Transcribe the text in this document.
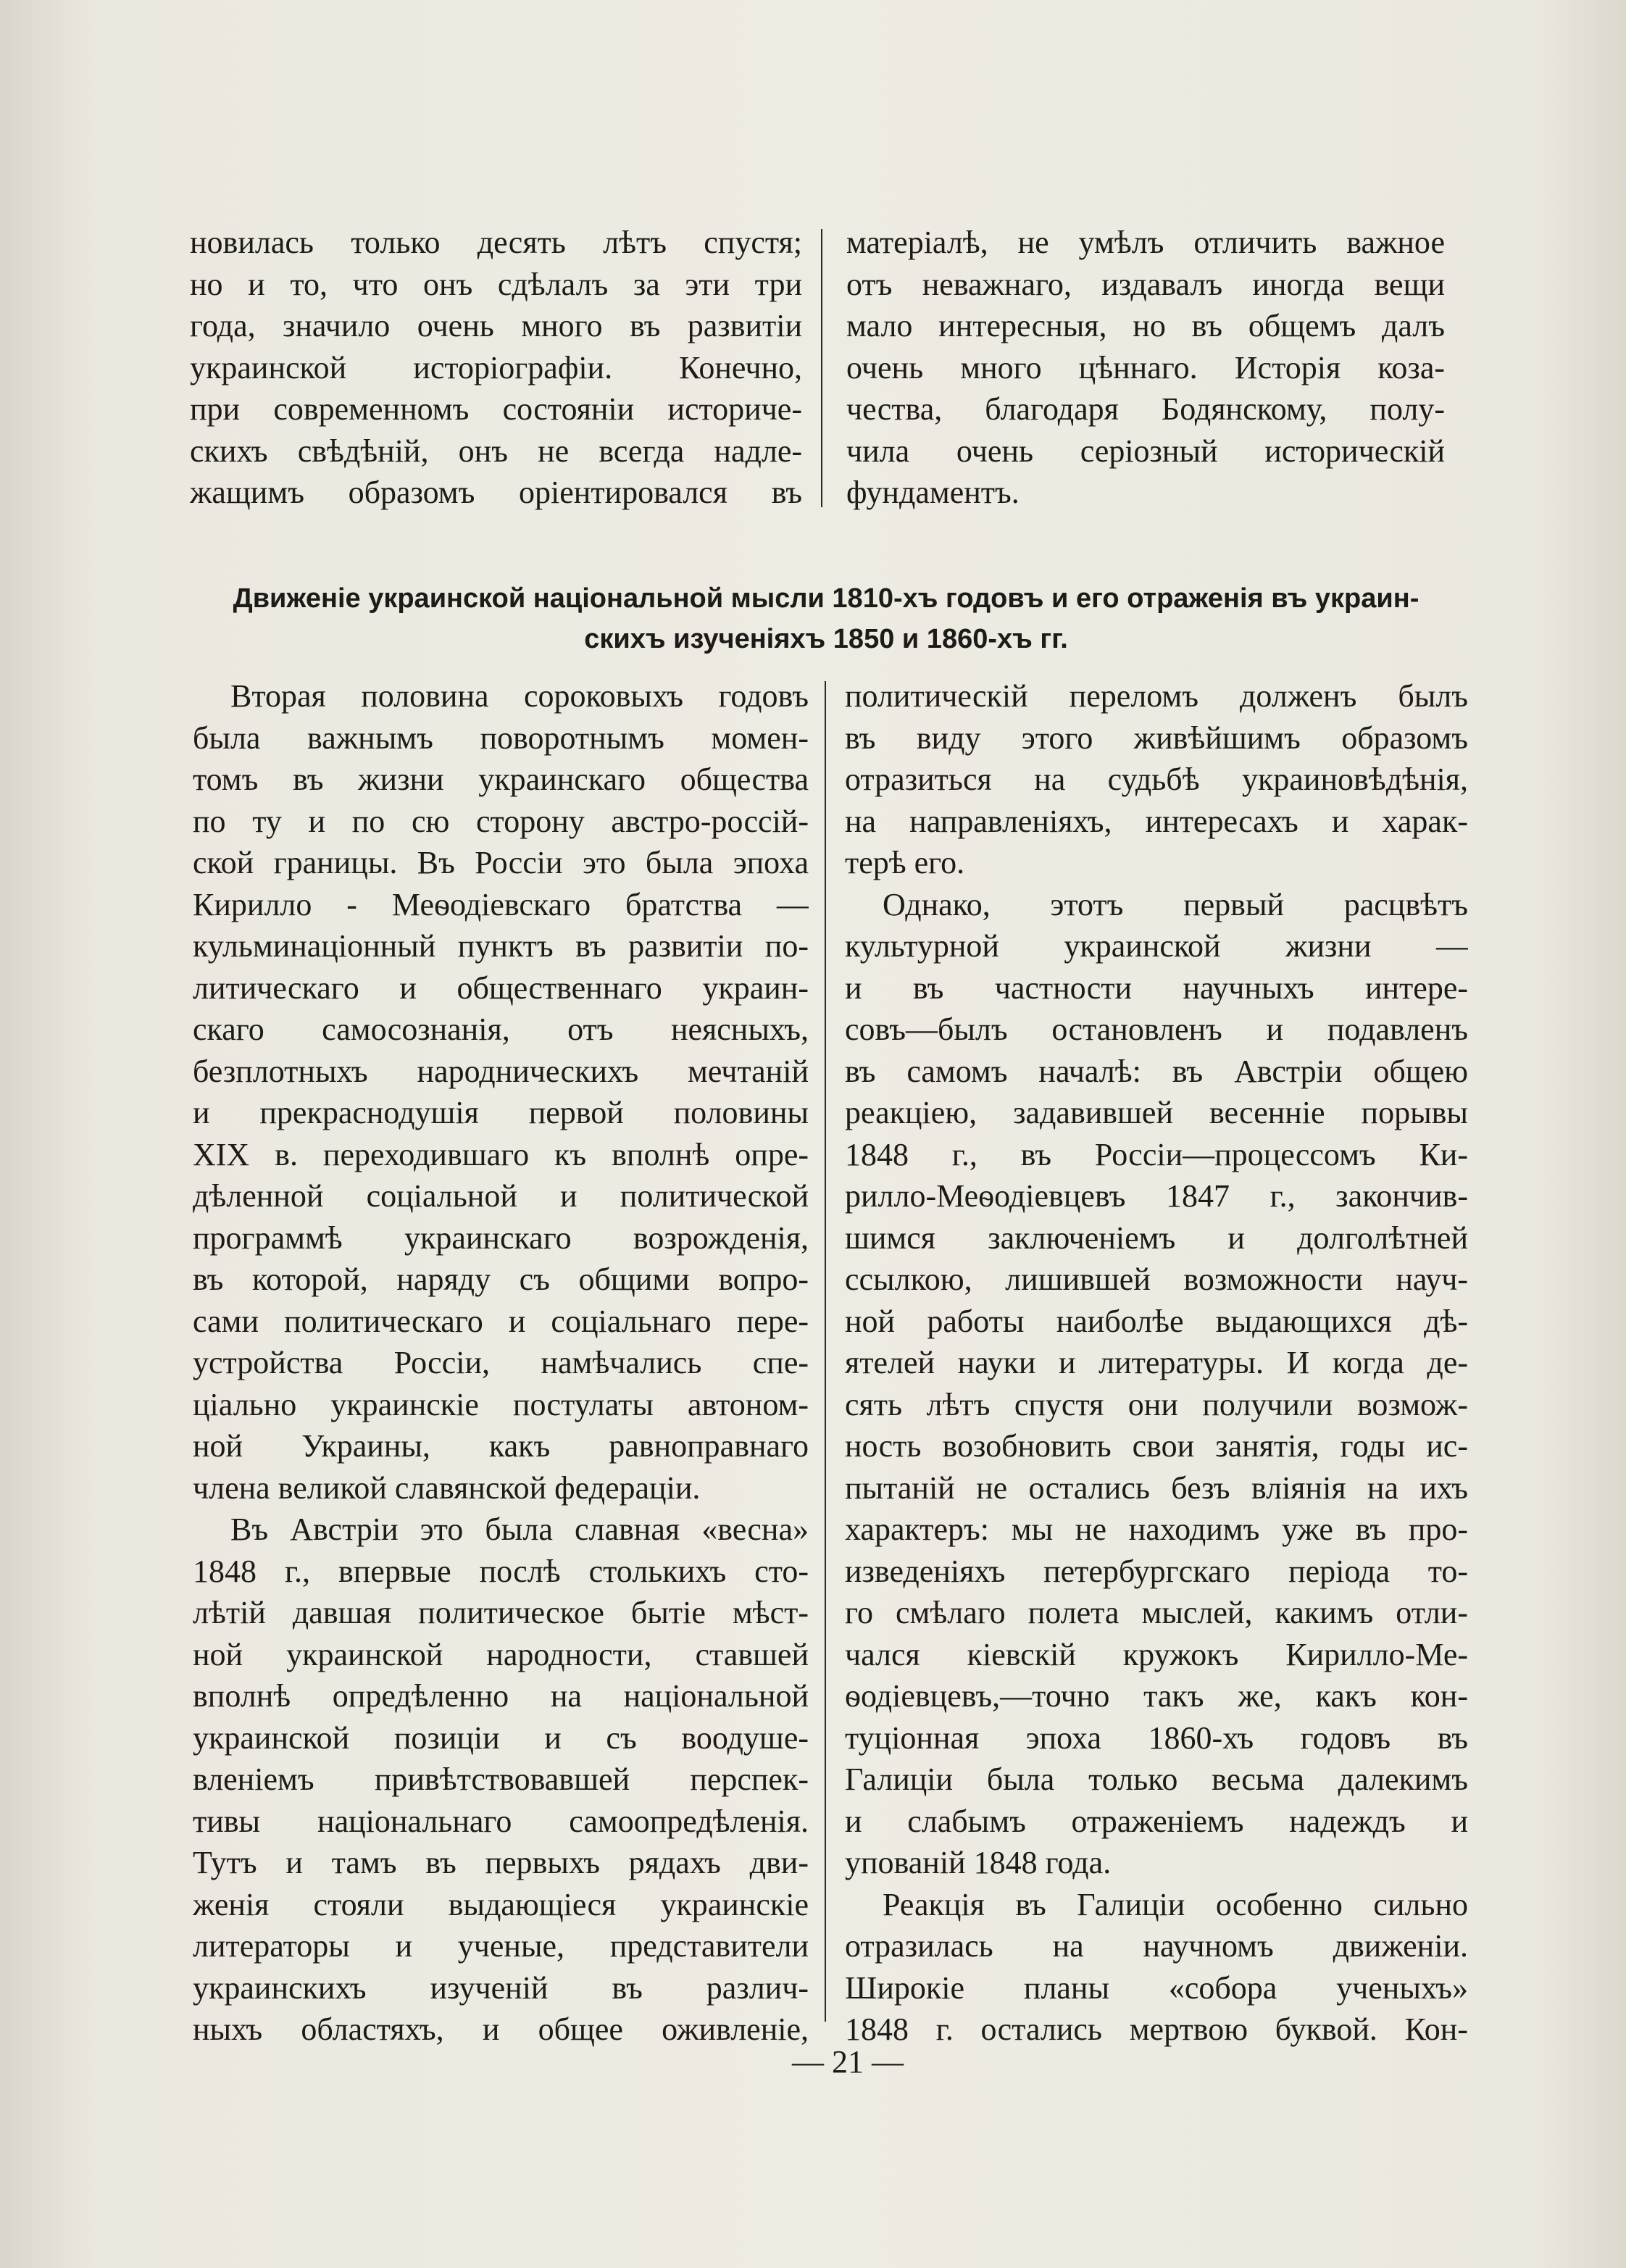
новилась только десять лѣтъ спустя;
но и то, что онъ сдѣлалъ за эти три
года, значило очень много въ развитіи
украинской исторіографіи. Конечно,
при современномъ состояніи историче-
скихъ свѣдѣній, онъ не всегда надле-
жащимъ образомъ оріентировался въ
матеріалѣ, не умѣлъ отличить важное
отъ неважнаго, издавалъ иногда вещи
мало интересныя, но въ общемъ далъ
очень много цѣннаго. Исторія коза-
чества, благодаря Бодянскому, полу-
чила очень серіозный историческій
фундаментъ.
Движеніе украинской національной мысли 1810-хъ годовъ и его отраженія въ украин-
скихъ изученіяхъ 1850 и 1860-хъ гг.
Вторая половина сороковыхъ годовъ
была важнымъ поворотнымъ момен-
томъ въ жизни украинскаго общества
по ту и по сю сторону австро-россій-
ской границы. Въ Россіи это была эпоха
Кирилло - Меѳодіевскаго братства —
кульминаціонный пунктъ въ развитіи по-
литическаго и общественнаго украин-
скаго самосознанія, отъ неясныхъ,
безплотныхъ народническихъ мечтаній
и прекраснодушія первой половины
XIX в. переходившаго къ вполнѣ опре-
дѣленной соціальной и политической
программѣ украинскаго возрожденія,
въ которой, наряду съ общими вопро-
сами политическаго и соціальнаго пере-
устройства Россіи, намѣчались спе-
ціально украинскіе постулаты автоном-
ной Украины, какъ равноправнаго
члена великой славянской федераціи.
Въ Австріи это была славная «весна»
1848 г., впервые послѣ столькихъ сто-
лѣтій давшая политическое бытіе мѣст-
ной украинской народности, ставшей
вполнѣ опредѣленно на національной
украинской позиціи и съ воодуше-
вленіемъ привѣтствовавшей перспек-
тивы національнаго самоопредѣленія.
Тутъ и тамъ въ первыхъ рядахъ дви-
женія стояли выдающіеся украинскіе
литераторы и ученые, представители
украинскихъ изученій въ различ-
ныхъ областяхъ, и общее оживленіе,
политическій переломъ долженъ былъ
въ виду этого живѣйшимъ образомъ
отразиться на судьбѣ украиновѣдѣнія,
на направленіяхъ, интересахъ и харак-
терѣ его.
Однако, этотъ первый расцвѣтъ
культурной украинской жизни —
и въ частности научныхъ интере-
совъ—былъ остановленъ и подавленъ
въ самомъ началѣ: въ Австріи общею
реакціею, задавившей весенніе порывы
1848 г., въ Россіи—процессомъ Ки-
рилло-Меѳодіевцевъ 1847 г., закончив-
шимся заключеніемъ и долголѣтней
ссылкою, лишившей возможности науч-
ной работы наиболѣе выдающихся дѣ-
ятелей науки и литературы. И когда де-
сять лѣтъ спустя они получили возмож-
ность возобновить свои занятія, годы ис-
пытаній не остались безъ вліянія на ихъ
характеръ: мы не находимъ уже въ про-
изведеніяхъ петербургскаго періода то-
го смѣлаго полета мыслей, какимъ отли-
чался кіевскій кружокъ Кирилло-Ме-
ѳодіевцевъ,—точно такъ же, какъ кон-
туціонная эпоха 1860-хъ годовъ въ
Галиціи была только весьма далекимъ
и слабымъ отраженіемъ надеждъ и
упованій 1848 года.
Реакція въ Галиціи особенно сильно
отразилась на научномъ движеніи.
Широкіе планы «собора ученыхъ»
1848 г. остались мертвою буквой. Кон-
— 21 —
